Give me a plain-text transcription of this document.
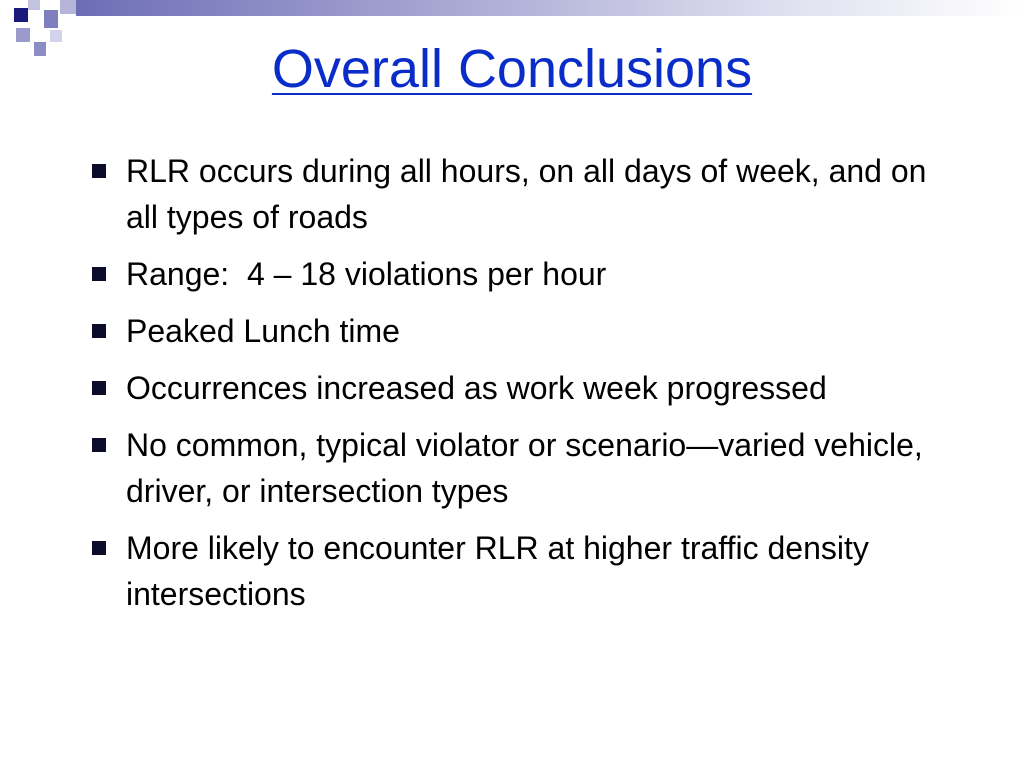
Overall Conclusions
RLR occurs during all hours, on all days of week, and on all types of roads
Range:  4 – 18 violations per hour
Peaked Lunch time
Occurrences increased as work week progressed
No common, typical violator or scenario—varied vehicle, driver, or intersection types
More likely to encounter RLR at higher traffic density intersections
